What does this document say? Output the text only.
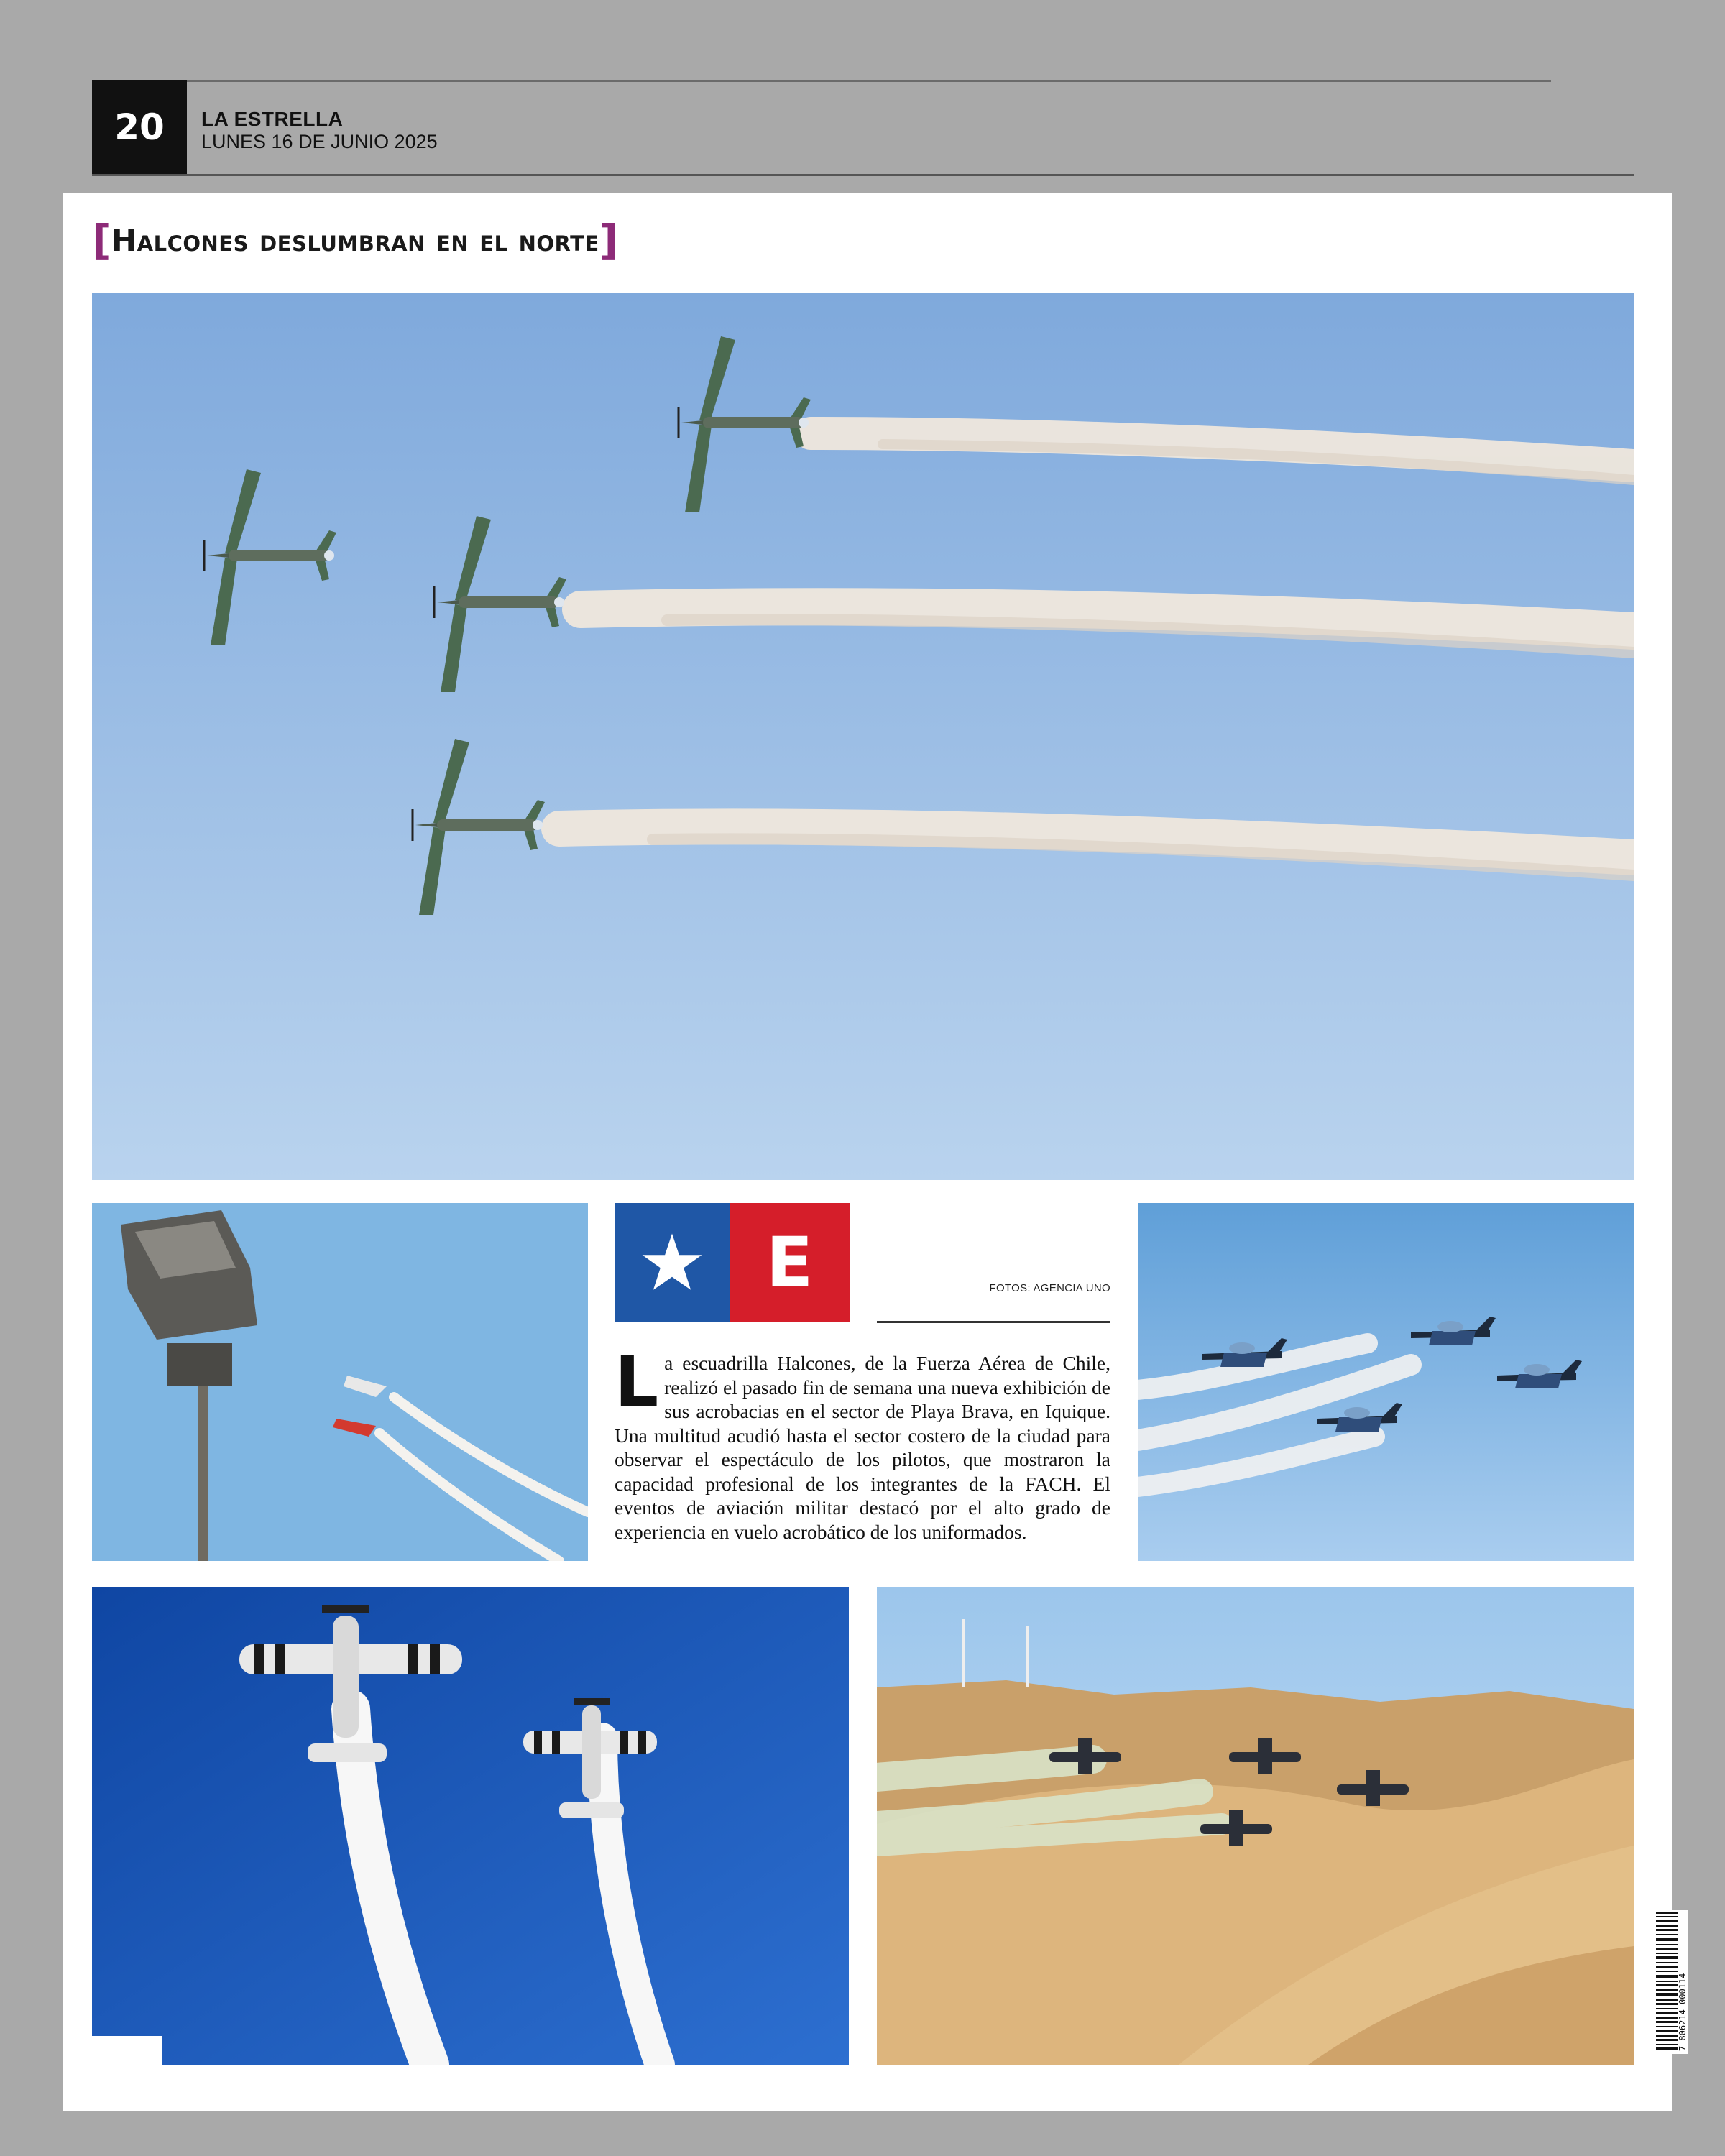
20	LA ESTRELLA
LUNES 16 DE JUNIO 2025
[ Halcones deslumbran en el norte ]
E	FOTOS: AGENCIA UNO
L a escuadrilla Halcones, de la Fuerza Aérea de Chile, realizó el pasado fin de semana una nueva exhibición de sus acrobacias en el sector de Playa Brava, en Iquique. Una multitud acudió hasta el sector costero de la ciudad para observar el espectáculo de los pilotos, que mostraron la capacidad profesional de los integrantes de la FACH. El eventos de aviación militar destacó por el alto grado de experiencia en vuelo acrobático de los uniformados.
7 806214 000114
